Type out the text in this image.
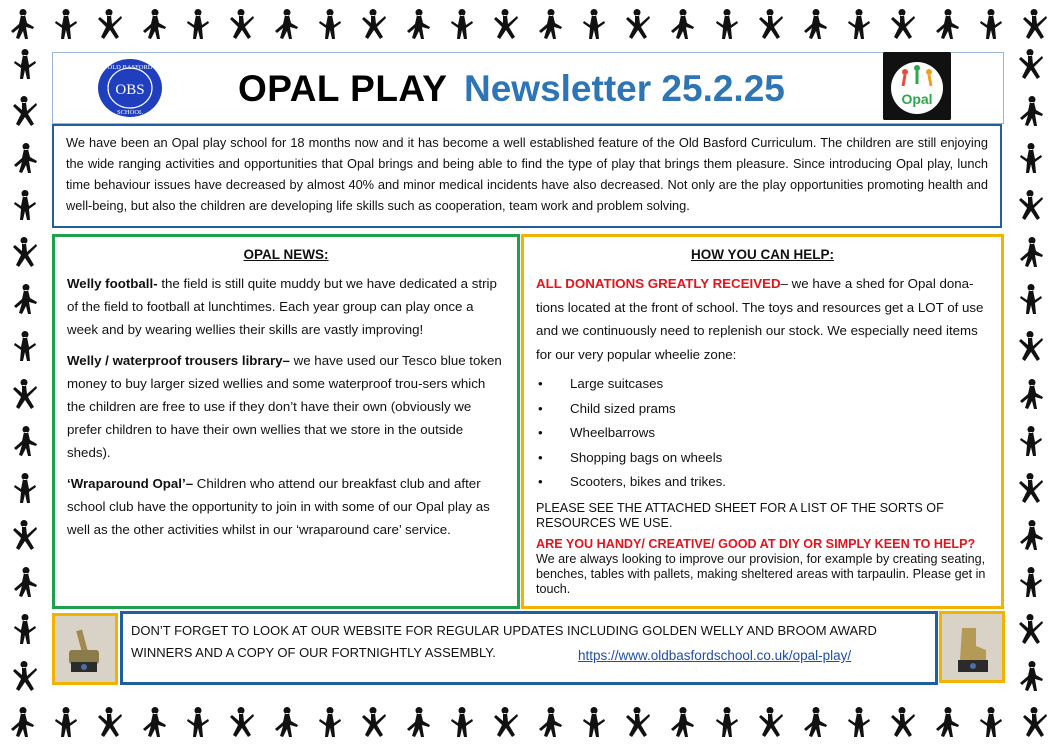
OLD BASFORD
OBS
SCHOOL
OPAL PLAY Newsletter 25.2.25	Opal

We have been an Opal play school for 18 months now and it has become a well established feature of the Old Basford Curriculum. The children are still enjoying the wide ranging activities and opportunities that Opal brings and being able to find the type of play that brings them pleasure. Since introducing Opal play, lunch time behaviour issues have decreased by almost 40% and minor medical incidents have also decreased. Not only are the play opportunities promoting health and well-being, but also the children are developing life skills such as cooperation, team work and problem solving.

OPAL NEWS:

Welly football- the field is still quite muddy but we have dedicated a strip of the field to football at lunchtimes. Each year group can play once a week and by wearing wellies their skills are vastly improving!

Welly / waterproof trousers library– we have used our Tesco blue token money to buy larger sized wellies and some waterproof trou-sers which the children are free to use if they don’t have their own (obviously we prefer children to have their own wellies that we store in the outside sheds).

‘Wraparound Opal’– Children who attend our breakfast club and after school club have the opportunity to join in with some of our Opal play as well as the other activities whilst in our ‘wraparound care’ service.

HOW YOU CAN HELP:

ALL DONATIONS GREATLY RECEIVED– we have a shed for Opal dona-tions located at the front of school. The toys and resources get a LOT of use and we continuously need to replenish our stock. We especially need items for our very popular wheelie zone:

• Large suitcases
• Child sized prams
• Wheelbarrows
• Shopping bags on wheels
• Scooters, bikes and trikes.

PLEASE SEE THE ATTACHED SHEET FOR A LIST OF THE SORTS OF RESOURCES WE USE.

ARE YOU HANDY/ CREATIVE/ GOOD AT DIY OR SIMPLY KEEN TO HELP? We are always looking to improve our provision, for example by creating seating, benches, tables with pallets, making sheltered areas with tarpaulin. Please get in touch.

DON’T FORGET TO LOOK AT OUR WEBSITE FOR REGULAR UPDATES INCLUDING GOLDEN WELLY AND BROOM AWARD WINNERS AND A COPY OF OUR FORTNIGHTLY ASSEMBLY.	https://www.oldbasfordschool.co.uk/opal-play/
